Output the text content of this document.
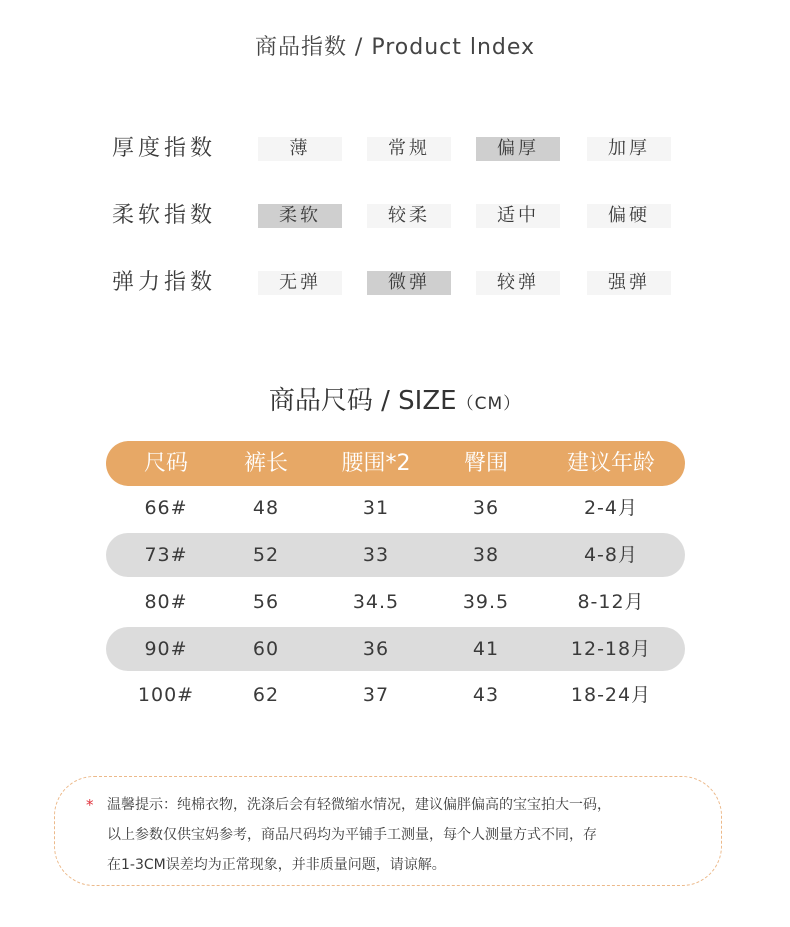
商品指数 / Product lndex
厚度指数	薄	常规	偏厚	加厚
柔软指数	柔软	较柔	适中	偏硬
弹力指数	无弹	微弹	较弹	强弹
商品尺码 / SIZE（CM）
尺码	裤长	腰围*2	臀围	建议年龄
66#	48	31	36	2-4月
73#	52	33	38	4-8月
80#	56	34.5	39.5	8-12月
90#	60	36	41	12-18月
100#	62	37	43	18-24月
* 温馨提示：纯棉衣物，洗涤后会有轻微缩水情况，建议偏胖偏高的宝宝拍大一码，
以上参数仅供宝妈参考，商品尺码均为平铺手工测量，每个人测量方式不同，存
在1-3CM误差均为正常现象，并非质量问题，请谅解。
